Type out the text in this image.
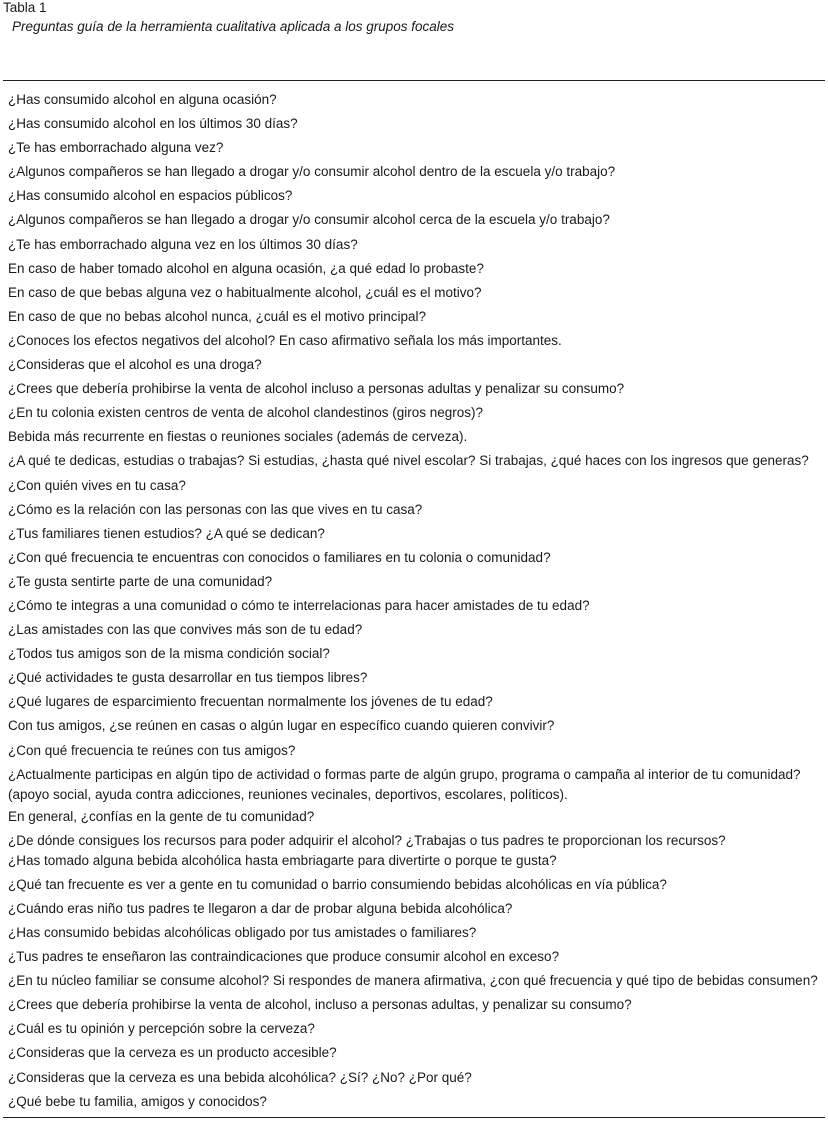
Tabla 1
Preguntas guía de la herramienta cualitativa aplicada a los grupos focales
¿Has consumido alcohol en alguna ocasión?
¿Has consumido alcohol en los últimos 30 días?
¿Te has emborrachado alguna vez?
¿Algunos compañeros se han llegado a drogar y/o consumir alcohol dentro de la escuela y/o trabajo?
¿Has consumido alcohol en espacios públicos?
¿Algunos compañeros se han llegado a drogar y/o consumir alcohol cerca de la escuela y/o trabajo?
¿Te has emborrachado alguna vez en los últimos 30 días?
En caso de haber tomado alcohol en alguna ocasión, ¿a qué edad lo probaste?
En caso de que bebas alguna vez o habitualmente alcohol, ¿cuál es el motivo?
En caso de que no bebas alcohol nunca, ¿cuál es el motivo principal?
¿Conoces los efectos negativos del alcohol? En caso afirmativo señala los más importantes.
¿Consideras que el alcohol es una droga?
¿Crees que debería prohibirse la venta de alcohol incluso a personas adultas y penalizar su consumo?
¿En tu colonia existen centros de venta de alcohol clandestinos (giros negros)?
Bebida más recurrente en fiestas o reuniones sociales (además de cerveza).
¿A qué te dedicas, estudias o trabajas? Si estudias, ¿hasta qué nivel escolar? Si trabajas, ¿qué haces con los ingresos que generas?
¿Con quién vives en tu casa?
¿Cómo es la relación con las personas con las que vives en tu casa?
¿Tus familiares tienen estudios? ¿A qué se dedican?
¿Con qué frecuencia te encuentras con conocidos o familiares en tu colonia o comunidad?
¿Te gusta sentirte parte de una comunidad?
¿Cómo te integras a una comunidad o cómo te interrelacionas para hacer amistades de tu edad?
¿Las amistades con las que convives más son de tu edad?
¿Todos tus amigos son de la misma condición social?
¿Qué actividades te gusta desarrollar en tus tiempos libres?
¿Qué lugares de esparcimiento frecuentan normalmente los jóvenes de tu edad?
Con tus amigos, ¿se reúnen en casas o algún lugar en específico cuando quieren convivir?
¿Con qué frecuencia te reúnes con tus amigos?
¿Actualmente participas en algún tipo de actividad o formas parte de algún grupo, programa o campaña al interior de tu comunidad?
(apoyo social, ayuda contra adicciones, reuniones vecinales, deportivos, escolares, políticos).
En general, ¿confías en la gente de tu comunidad?
¿De dónde consigues los recursos para poder adquirir el alcohol? ¿Trabajas o tus padres te proporcionan los recursos?
¿Has tomado alguna bebida alcohólica hasta embriagarte para divertirte o porque te gusta?
¿Qué tan frecuente es ver a gente en tu comunidad o barrio consumiendo bebidas alcohólicas en vía pública?
¿Cuándo eras niño tus padres te llegaron a dar de probar alguna bebida alcohólica?
¿Has consumido bebidas alcohólicas obligado por tus amistades o familiares?
¿Tus padres te enseñaron las contraindicaciones que produce consumir alcohol en exceso?
¿En tu núcleo familiar se consume alcohol? Si respondes de manera afirmativa, ¿con qué frecuencia y qué tipo de bebidas consumen?
¿Crees que debería prohibirse la venta de alcohol, incluso a personas adultas, y penalizar su consumo?
¿Cuál es tu opinión y percepción sobre la cerveza?
¿Consideras que la cerveza es un producto accesible?
¿Consideras que la cerveza es una bebida alcohólica? ¿Sí? ¿No? ¿Por qué?
¿Qué bebe tu familia, amigos y conocidos?
